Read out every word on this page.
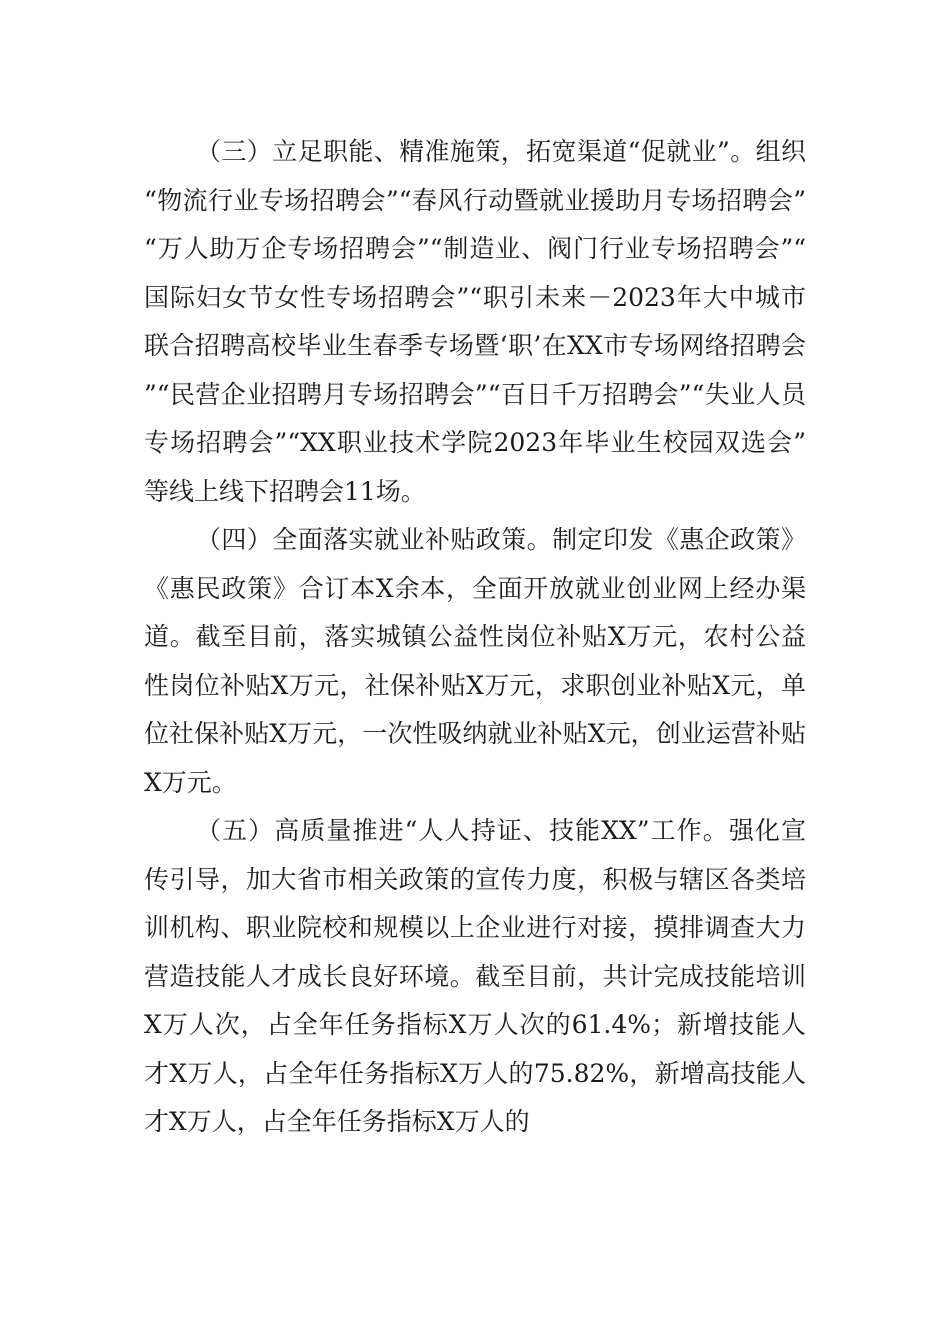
（三）立足职能、精准施策，拓宽渠道“促就业”。组织“物流行业专场招聘会”“春风行动暨就业援助月专场招聘会”“万人助万企专场招聘会”“制造业、阀门行业专场招聘会”“国际妇女节女性专场招聘会”“职引未来－2023年大中城市联合招聘高校毕业生春季专场暨‘职’在XX市专场网络招聘会”“民营企业招聘月专场招聘会”“百日千万招聘会”“失业人员专场招聘会”“XX职业技术学院2023年毕业生校园双选会”等线上线下招聘会11场。

（四）全面落实就业补贴政策。制定印发《惠企政策》《惠民政策》合订本X余本，全面开放就业创业网上经办渠道。截至目前，落实城镇公益性岗位补贴X万元，农村公益性岗位补贴X万元，社保补贴X万元，求职创业补贴X元，单位社保补贴X万元，一次性吸纳就业补贴X元，创业运营补贴X万元。

（五）高质量推进“人人持证、技能XX”工作。强化宣传引导，加大省市相关政策的宣传力度，积极与辖区各类培训机构、职业院校和规模以上企业进行对接，摸排调查大力营造技能人才成长良好环境。截至目前，共计完成技能培训X万人次，占全年任务指标X万人次的61.4%；新增技能人才X万人，占全年任务指标X万人的75.82%，新增高技能人才X万人，占全年任务指标X万人的
